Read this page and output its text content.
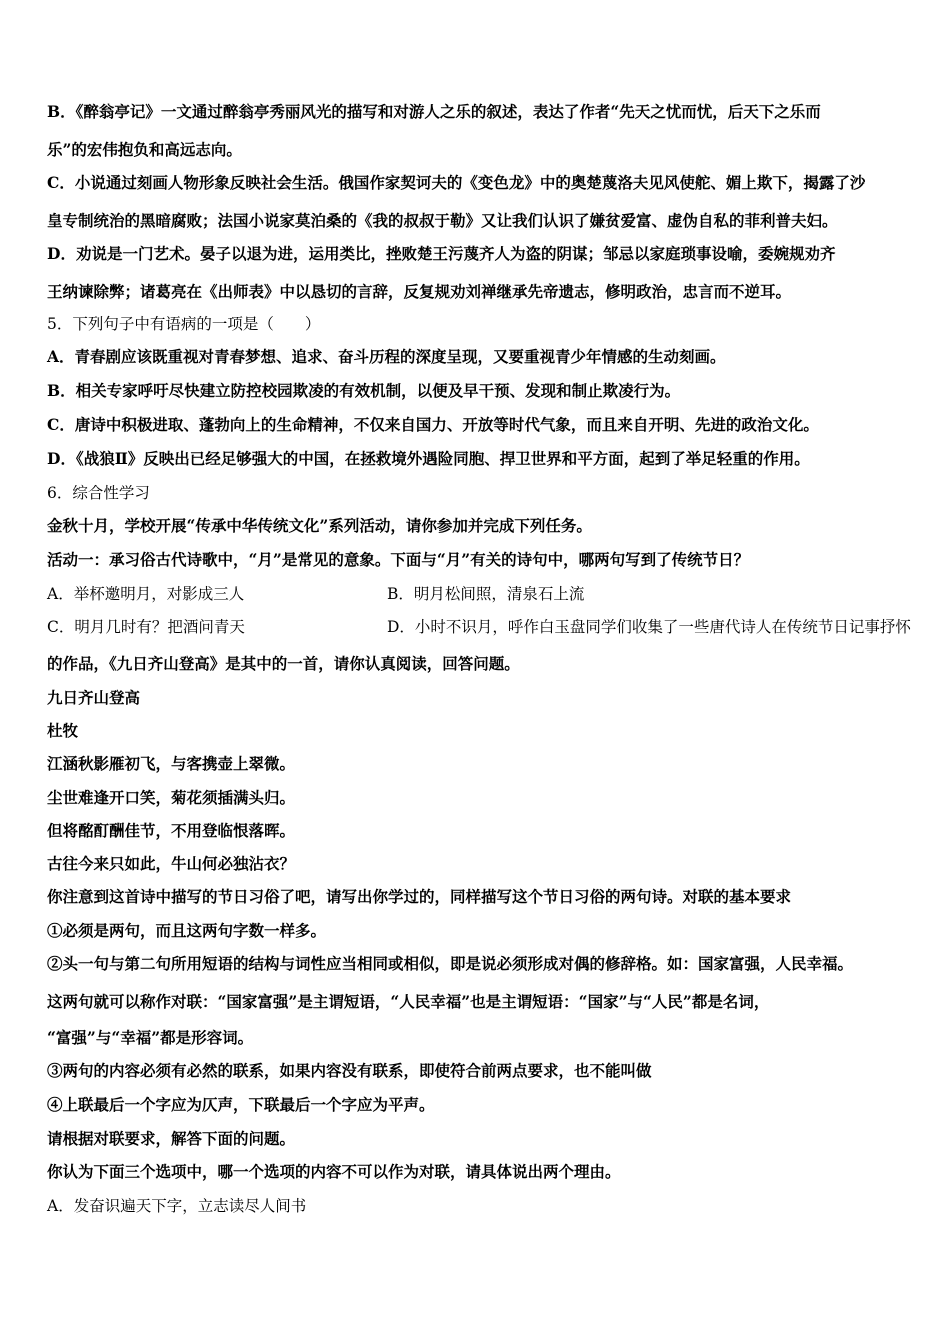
B．《醉翁亭记》一文通过醉翁亭秀丽风光的描写和对游人之乐的叙述，表达了作者“先天之忧而忧，后天下之乐而
乐”的宏伟抱负和高远志向。
C．小说通过刻画人物形象反映社会生活。俄国作家契诃夫的《变色龙》中的奥楚蔑洛夫见风使舵、媚上欺下，揭露了沙
皇专制统治的黑暗腐败；法国小说家莫泊桑的《我的叔叔于勒》又让我们认识了嫌贫爱富、虚伪自私的菲利普夫妇。
D．劝说是一门艺术。晏子以退为进，运用类比，挫败楚王污蔑齐人为盗的阴谋；邹忌以家庭琐事设喻，委婉规劝齐
王纳谏除弊；诸葛亮在《出师表》中以恳切的言辞，反复规劝刘禅继承先帝遗志，修明政治，忠言而不逆耳。
5．下列句子中有语病的一项是（　　）
A．青春剧应该既重视对青春梦想、追求、奋斗历程的深度呈现，又要重视青少年情感的生动刻画。
B．相关专家呼吁尽快建立防控校园欺凌的有效机制，以便及早干预、发现和制止欺凌行为。
C．唐诗中积极进取、蓬勃向上的生命精神，不仅来自国力、开放等时代气象，而且来自开明、先进的政治文化。
D．《战狼Ⅱ》反映出已经足够强大的中国，在拯救境外遇险同胞、捍卫世界和平方面，起到了举足轻重的作用。
6．综合性学习
金秋十月，学校开展“传承中华传统文化”系列活动，请你参加并完成下列任务。
活动一：承习俗古代诗歌中，“月”是常见的意象。下面与“月”有关的诗句中，哪两句写到了传统节日？
A．举杯邀明月，对影成三人	B．明月松间照，清泉石上流
C．明月几时有？把酒问青天	D．小时不识月，呼作白玉盘同学们收集了一些唐代诗人在传统节日记事抒怀
的作品，《九日齐山登高》是其中的一首，请你认真阅读，回答问题。
九日齐山登高
杜牧
江涵秋影雁初飞，与客携壶上翠微。
尘世难逢开口笑，菊花须插满头归。
但将酩酊酬佳节，不用登临恨落晖。
古往今来只如此，牛山何必独沾衣？
你注意到这首诗中描写的节日习俗了吧，请写出你学过的，同样描写这个节日习俗的两句诗。对联的基本要求
①必须是两句，而且这两句字数一样多。
②头一句与第二句所用短语的结构与词性应当相同或相似，即是说必须形成对偶的修辞格。如：国家富强，人民幸福。
这两句就可以称作对联：“国家富强”是主谓短语，“人民幸福”也是主谓短语：“国家”与“人民”都是名词，
“富强”与“幸福”都是形容词。
③两句的内容必须有必然的联系，如果内容没有联系，即使符合前两点要求，也不能叫做
④上联最后一个字应为仄声，下联最后一个字应为平声。
请根据对联要求，解答下面的问题。
你认为下面三个选项中，哪一个选项的内容不可以作为对联，请具体说出两个理由。
A．发奋识遍天下字，立志读尽人间书
